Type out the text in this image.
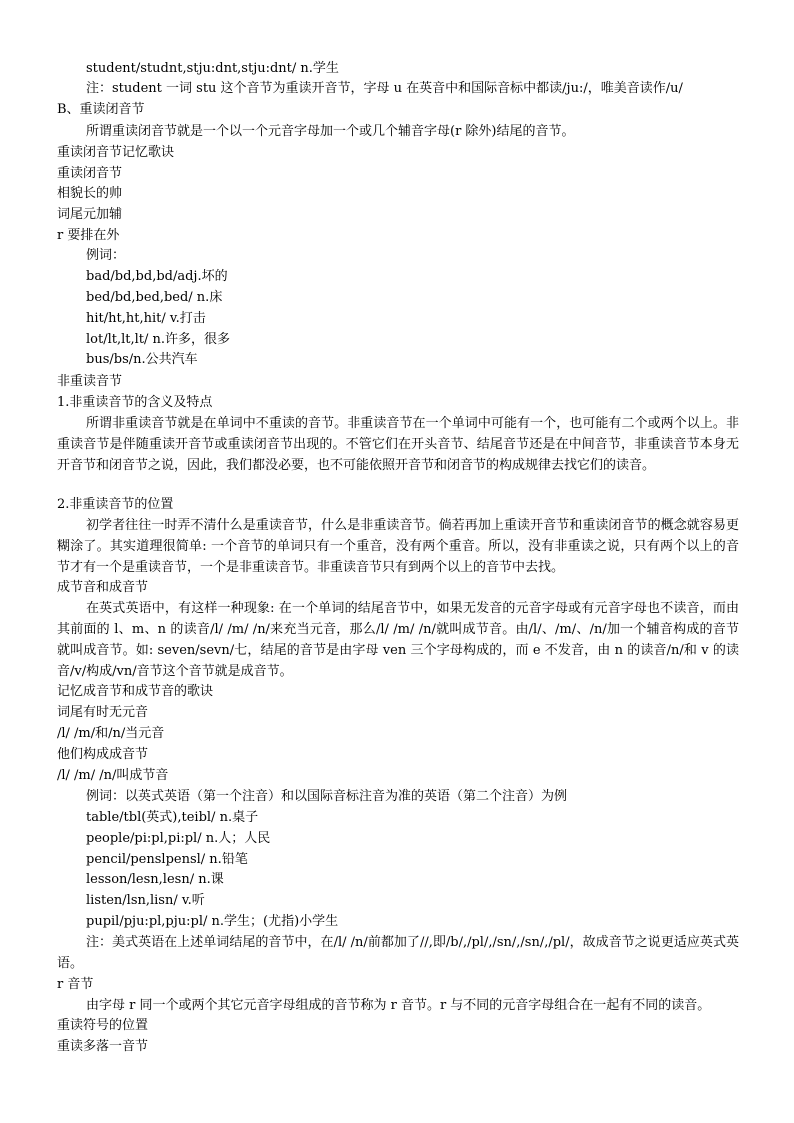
student/studnt,stju:dnt,stju:dnt/ n.学生
注：student 一词 stu 这个音节为重读开音节，字母 u 在英音中和国际音标中都读/ju:/，唯美音读作/u/
B、重读闭音节
所谓重读闭音节就是一个以一个元音字母加一个或几个辅音字母(r 除外)结尾的音节。
重读闭音节记忆歌诀
重读闭音节
相貌长的帅
词尾元加辅
r 要排在外
例词：
bad/bd,bd,bd/adj.坏的
bed/bd,bed,bed/ n.床
hit/ht,ht,hit/ v.打击
lot/lt,lt,lt/ n.许多，很多
bus/bs/n.公共汽车
非重读音节
1.非重读音节的含义及特点
所谓非重读音节就是在单词中不重读的音节。非重读音节在一个单词中可能有一个，也可能有二个或两个以上。非重读音节是伴随重读开音节或重读闭音节出现的。不管它们在开头音节、结尾音节还是在中间音节，非重读音节本身无开音节和闭音节之说，因此，我们都没必要，也不可能依照开音节和闭音节的构成规律去找它们的读音。
2.非重读音节的位置
初学者往往一时弄不清什么是重读音节，什么是非重读音节。倘若再加上重读开音节和重读闭音节的概念就容易更糊涂了。其实道理很简单: 一个音节的单词只有一个重音，没有两个重音。所以，没有非重读之说，只有两个以上的音节才有一个是重读音节，一个是非重读音节。非重读音节只有到两个以上的音节中去找。
成节音和成音节
在英式英语中，有这样一种现象: 在一个单词的结尾音节中，如果无发音的元音字母或有元音字母也不读音，而由其前面的 l、m、n 的读音/l/ /m/ /n/来充当元音，那么/l/ /m/ /n/就叫成节音。由/l/、/m/、/n/加一个辅音构成的音节就叫成音节。如: seven/sevn/七，结尾的音节是由字母 ven 三个字母构成的，而 e 不发音，由 n 的读音/n/和 v 的读音/v/构成/vn/音节这个音节就是成音节。
记忆成音节和成节音的歌诀
词尾有时无元音
/l/ /m/和/n/当元音
他们构成成音节
/l/ /m/ /n/叫成节音
例词：以英式英语（第一个注音）和以国际音标注音为准的英语（第二个注音）为例
table/tbl(英式),teibl/ n.桌子
people/pi:pl,pi:pl/ n.人；人民
pencil/penslpensl/ n.铅笔
lesson/lesn,lesn/ n.课
listen/lsn,lisn/ v.听
pupil/pju:pl,pju:pl/ n.学生；(尤指)小学生
注：美式英语在上述单词结尾的音节中，在/l/ /n/前都加了//,即/b/,/pl/,/sn/,/sn/,/pl/，故成音节之说更适应英式英语。
r 音节
由字母 r 同一个或两个其它元音字母组成的音节称为 r 音节。r 与不同的元音字母组合在一起有不同的读音。
重读符号的位置
重读多落一音节
